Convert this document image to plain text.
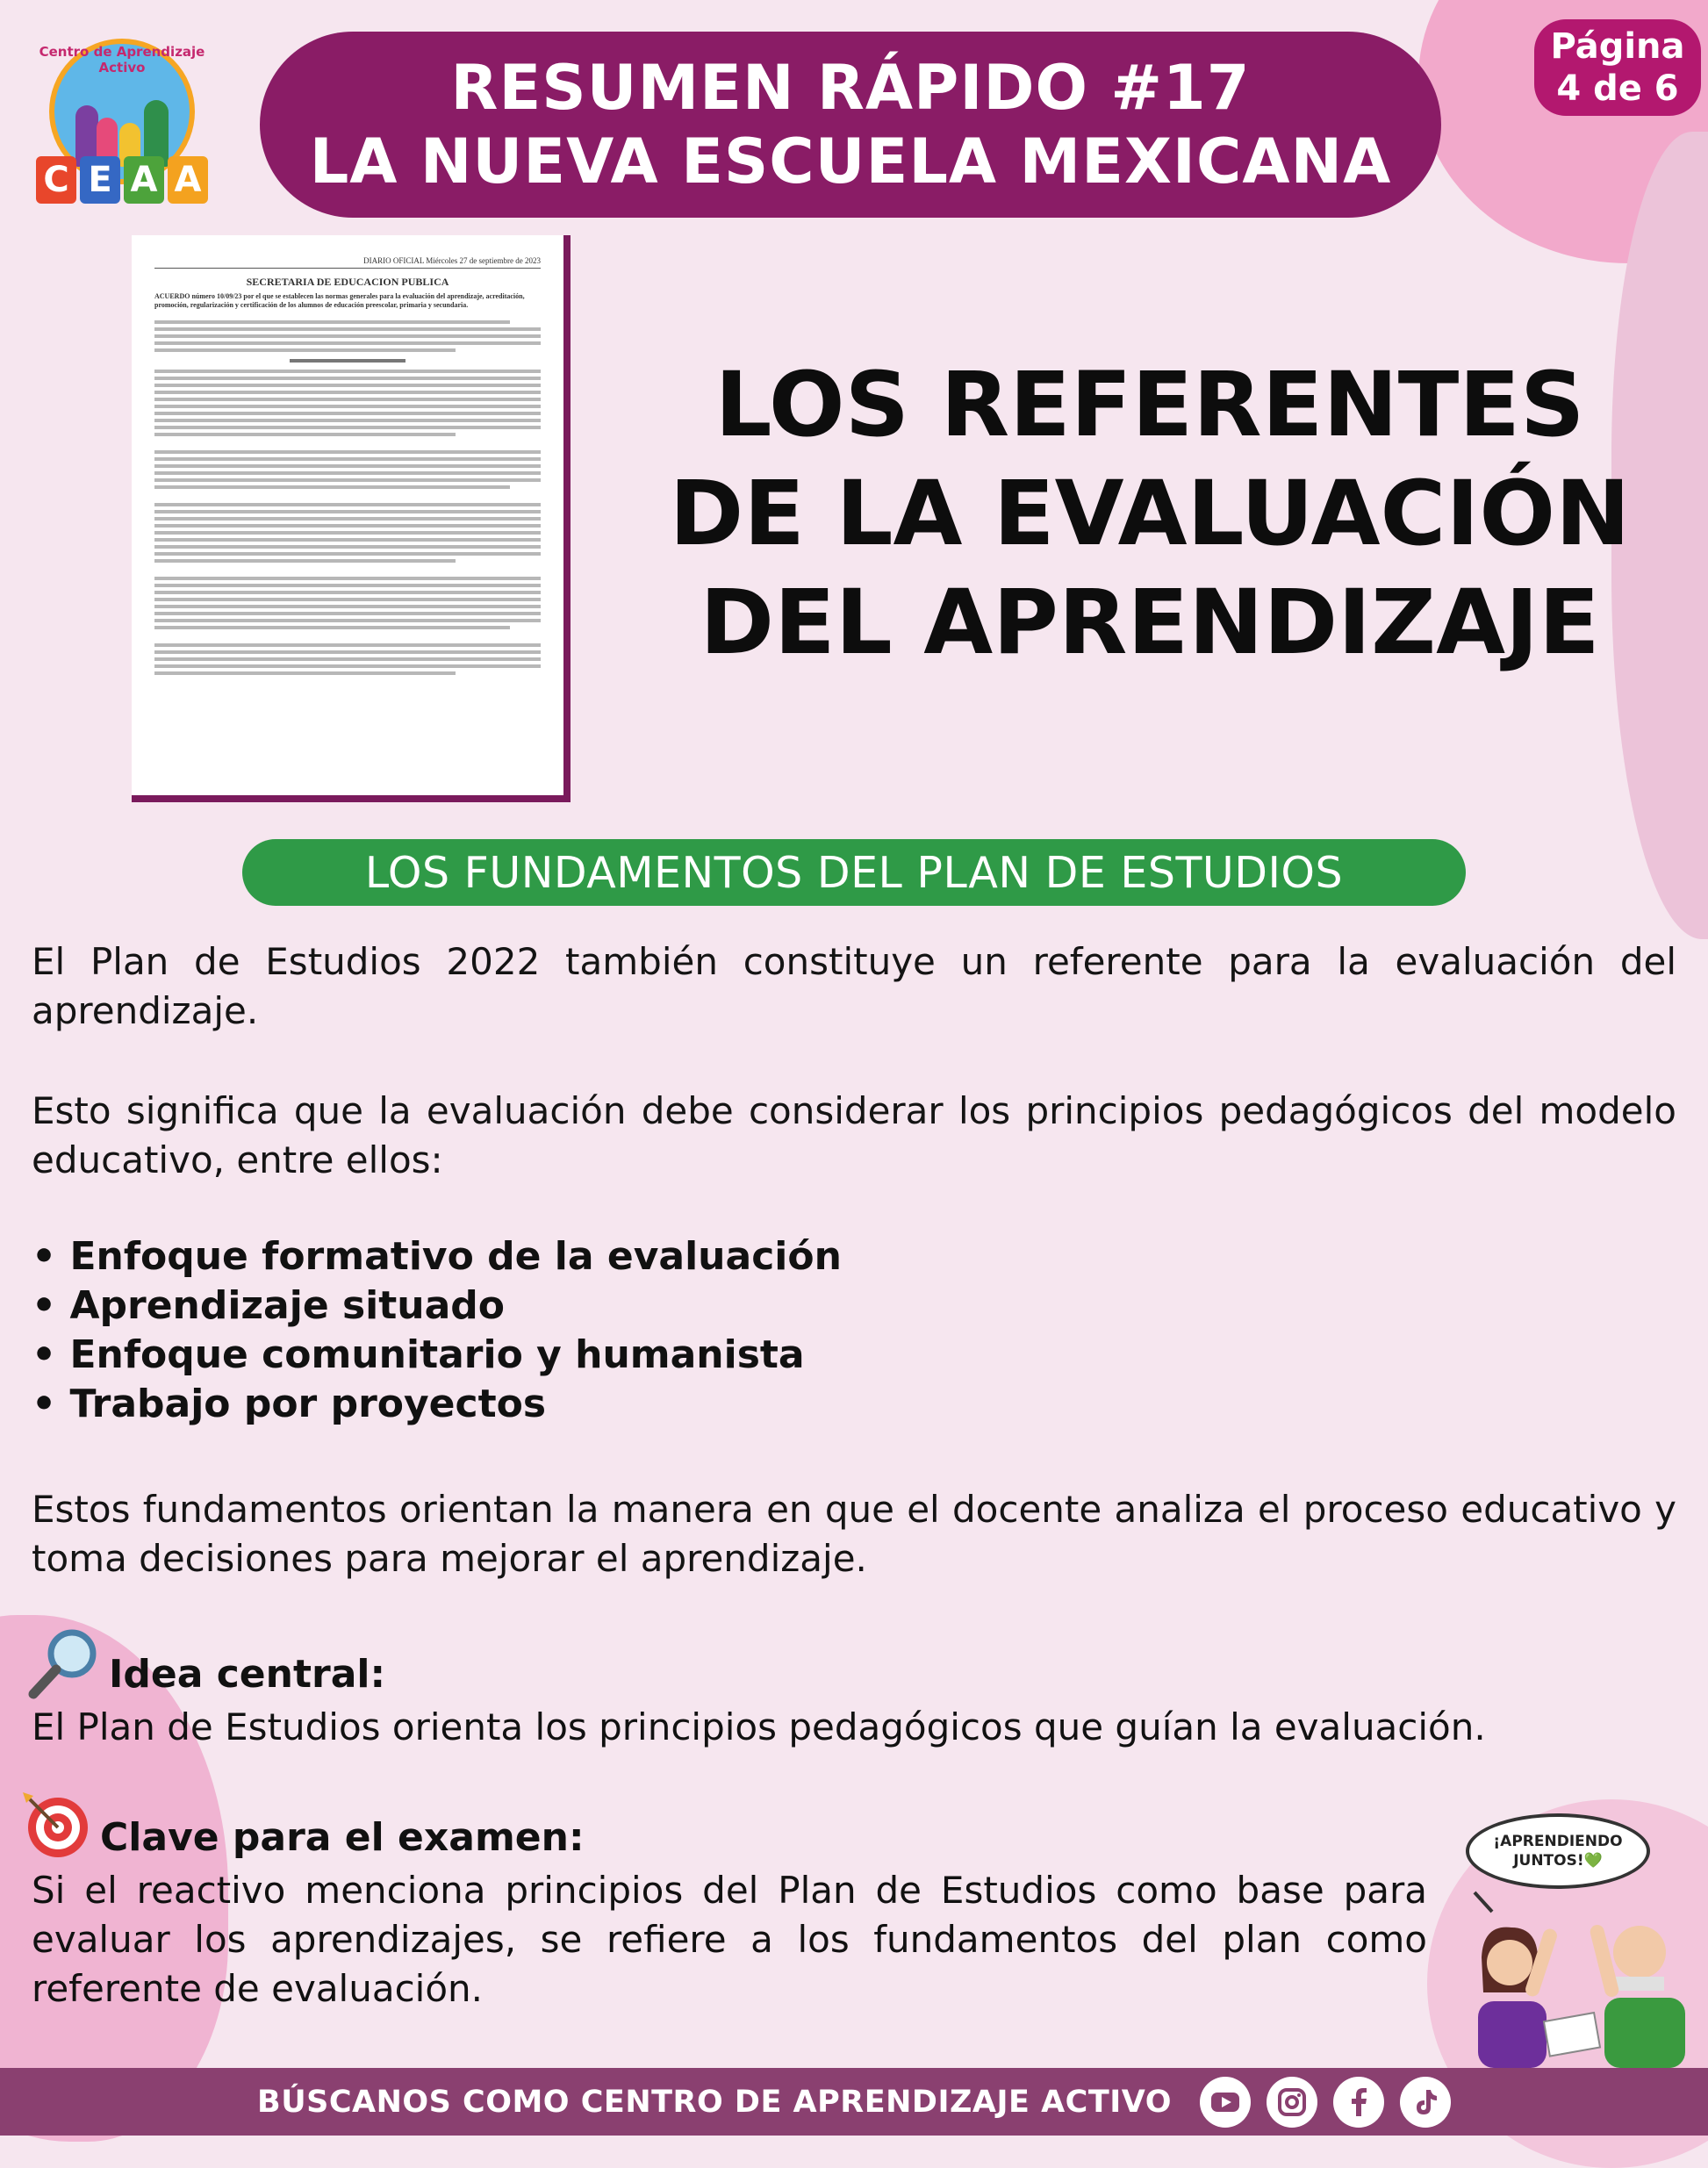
Centro de Aprendizaje Activo
C E A A
RESUMEN RÁPIDO #17
LA NUEVA ESCUELA MEXICANA
Página
4 de 6
DIARIO OFICIAL Miércoles 27 de septiembre de 2023
SECRETARIA DE EDUCACION PUBLICA
ACUERDO número 10/09/23 por el que se establecen las normas generales para la evaluación del aprendizaje, acreditación, promoción, regularización y certificación de los alumnos de educación preescolar, primaria y secundaria.
LOS REFERENTES
DE LA EVALUACIÓN
DEL APRENDIZAJE
LOS FUNDAMENTOS DEL PLAN DE ESTUDIOS
El Plan de Estudios 2022 también constituye un referente para la evaluación del aprendizaje.
Esto significa que la evaluación debe considerar los principios pedagógicos del modelo educativo, entre ellos:
• Enfoque formativo de la evaluación
• Aprendizaje situado
• Enfoque comunitario y humanista
• Trabajo por proyectos
Estos fundamentos orientan la manera en que el docente analiza el proceso educativo y toma decisiones para mejorar el aprendizaje.
Idea central:
El Plan de Estudios orienta los principios pedagógicos que guían la evaluación.
Clave para el examen:
Si el reactivo menciona principios del Plan de Estudios como base para evaluar los aprendizajes, se refiere a los fundamentos del plan como referente de evaluación.
¡APRENDIENDO JUNTOS!💚
BÚSCANOS COMO CENTRO DE APRENDIZAJE ACTIVO
